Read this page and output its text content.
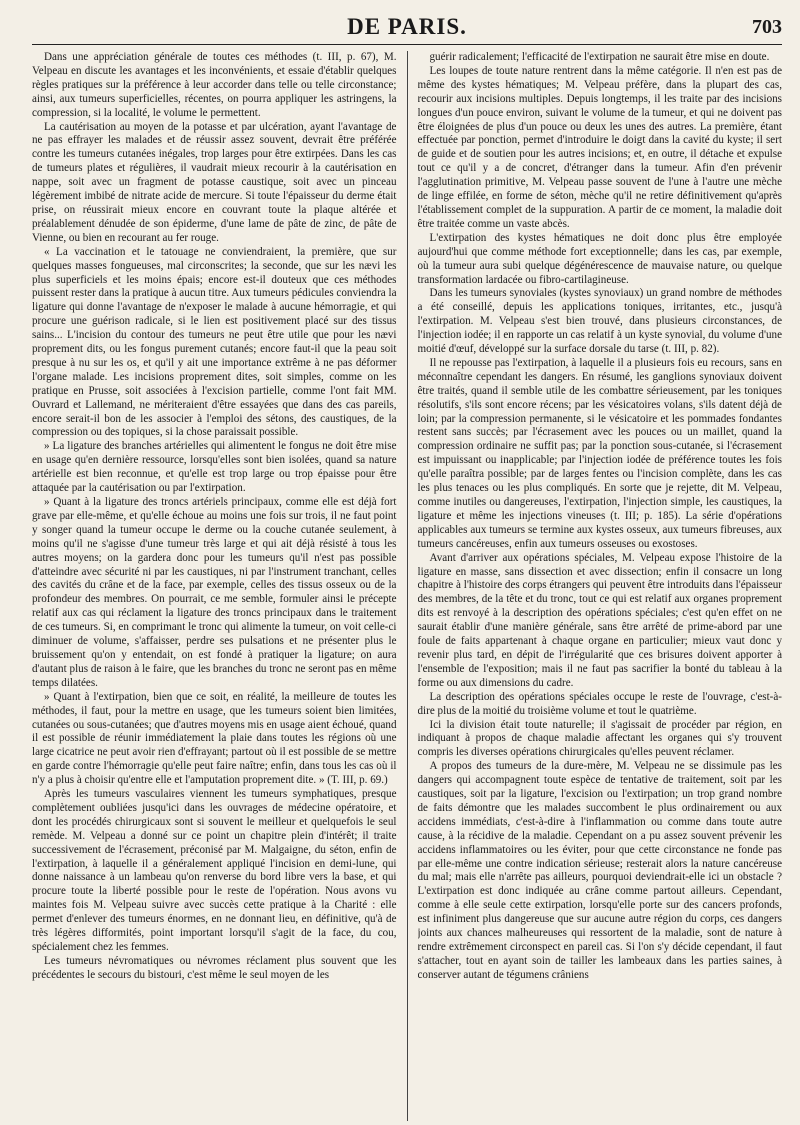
DE PARIS.	703

Dans une appréciation générale de toutes ces méthodes (t. III, p. 67), M. Velpeau en discute les avantages et les inconvénients, et essaie d'établir quelques règles pratiques sur la préférence à leur accorder dans telle ou telle circonstance; ainsi, aux tumeurs superficielles, récentes, on pourra appliquer les astringens, la compression, si la localité, le volume le permettent.

La cautérisation au moyen de la potasse et par ulcération, ayant l'avantage de ne pas effrayer les malades et de réussir assez souvent, devrait être préférée contre les tumeurs cutanées inégales, trop larges pour être extirpées. Dans les cas de tumeurs plates et régulières, il vaudrait mieux recourir à la cautérisation en nappe, soit avec un fragment de potasse caustique, soit avec un pinceau légèrement imbibé de nitrate acide de mercure. Si toute l'épaisseur du derme était prise, on réussirait mieux encore en couvrant toute la plaque altérée et préalablement dénudée de son épiderme, d'une lame de pâte de zinc, de pâte de Vienne, ou bien en recourant au fer rouge.

« La vaccination et le tatouage ne conviendraient, la première, que sur quelques masses fongueuses, mal circonscrites; la seconde, que sur les nævi les plus superficiels et les moins épais; encore est-il douteux que ces méthodes puissent rester dans la pratique à aucun titre. Aux tumeurs pédicules conviendra la ligature qui donne l'avantage de n'exposer le malade à aucune hémorragie, et qui procure une guérison radicale, si le lien est positivement placé sur des tissus sains... L'incision du contour des tumeurs ne peut être utile que pour les nævi proprement dits, ou les fongus purement cutanés; encore faut-il que la peau soit presque à nu sur les os, et qu'il y ait une importance extrême à ne pas déformer l'organe malade. Les incisions proprement dites, soit simples, comme on les pratique en Prusse, soit associées à l'excision partielle, comme l'ont fait MM. Ouvrard et Lallemand, ne mériteraient d'être essayées que dans des cas pareils, encore serait-il bon de les associer à l'emploi des sétons, des caustiques, de la compression ou des topiques, si la chose paraissait possible.

» La ligature des branches artérielles qui alimentent le fongus ne doit être mise en usage qu'en dernière ressource, lorsqu'elles sont bien isolées, quand sa nature artérielle est bien reconnue, et qu'elle est trop large ou trop épaisse pour être attaquée par la cautérisation ou par l'extirpation.

» Quant à la ligature des troncs artériels principaux, comme elle est déjà fort grave par elle-même, et qu'elle échoue au moins une fois sur trois, il ne faut point y songer quand la tumeur occupe le derme ou la couche cutanée seulement, à moins qu'il ne s'agisse d'une tumeur très large et qui ait déjà résisté à tous les autres moyens; on la gardera donc pour les tumeurs qu'il n'est pas possible d'atteindre avec sécurité ni par les caustiques, ni par l'instrument tranchant, celles des cavités du crâne et de la face, par exemple, celles des tissus osseux ou de la profondeur des membres. On pourrait, ce me semble, formuler ainsi le précepte relatif aux cas qui réclament la ligature des troncs principaux dans le traitement de ces tumeurs. Si, en comprimant le tronc qui alimente la tumeur, on voit celle-ci diminuer de volume, s'affaisser, perdre ses pulsations et ne présenter plus le bruissement qu'on y entendait, on est fondé à pratiquer la ligature; on aura d'autant plus de raison à le faire, que les branches du tronc ne seront pas en même temps dilatées.

» Quant à l'extirpation, bien que ce soit, en réalité, la meilleure de toutes les méthodes, il faut, pour la mettre en usage, que les tumeurs soient bien limitées, cutanées ou sous-cutanées; que d'autres moyens mis en usage aient échoué, quand il est possible de réunir immédiatement la plaie dans toutes les régions où une large cicatrice ne peut avoir rien d'effrayant; partout où il est possible de se mettre en garde contre l'hémorragie qu'elle peut faire naître; enfin, dans tous les cas où il n'y a plus à choisir qu'entre elle et l'amputation proprement dite. » (T. III, p. 69.)

Après les tumeurs vasculaires viennent les tumeurs symphatiques, presque complètement oubliées jusqu'ici dans les ouvrages de médecine opératoire, et dont les procédés chirurgicaux sont si souvent le meilleur et quelquefois le seul remède. M. Velpeau a donné sur ce point un chapitre plein d'intérêt; il traite successivement de l'écrasement, préconisé par M. Malgaigne, du séton, enfin de l'extirpation, à laquelle il a généralement appliqué l'incision en demi-lune, qui donne naissance à un lambeau qu'on renverse du bord libre vers la base, et qui procure toute la liberté possible pour le reste de l'opération. Nous avons vu maintes fois M. Velpeau suivre avec succès cette pratique à la Charité : elle permet d'enlever des tumeurs énormes, en ne donnant lieu, en définitive, qu'à de très légères difformités, point important lorsqu'il s'agit de la face, du cou, spécialement chez les femmes.

Les tumeurs névromatiques ou névromes réclament plus souvent que les précédentes le secours du bistouri, c'est même le seul moyen de les

guérir radicalement; l'efficacité de l'extirpation ne saurait être mise en doute.

Les loupes de toute nature rentrent dans la même catégorie. Il n'en est pas de même des kystes hématiques; M. Velpeau préfère, dans la plupart des cas, recourir aux incisions multiples. Depuis longtemps, il les traite par des incisions longues d'un pouce environ, suivant le volume de la tumeur, et qui ne doivent pas être éloignées de plus d'un pouce ou deux les unes des autres. La première, étant effectuée par ponction, permet d'introduire le doigt dans la cavité du kyste; il sert de guide et de soutien pour les autres incisions; et, en outre, il détache et expulse tout ce qu'il y a de concret, d'étranger dans la tumeur. Afin d'en prévenir l'agglutination primitive, M. Velpeau passe souvent de l'une à l'autre une mèche de linge effilée, en forme de séton, mèche qu'il ne retire définitivement qu'après l'établissement complet de la suppuration. A partir de ce moment, la maladie doit être traitée comme un vaste abcès.

L'extirpation des kystes hématiques ne doit donc plus être employée aujourd'hui que comme méthode fort exceptionnelle; dans les cas, par exemple, où la tumeur aura subi quelque dégénérescence de mauvaise nature, ou quelque transformation lardacée ou fibro-cartilagineuse.

Dans les tumeurs synoviales (kystes synoviaux) un grand nombre de méthodes a été conseillé, depuis les applications toniques, irritantes, etc., jusqu'à l'extirpation. M. Velpeau s'est bien trouvé, dans plusieurs circonstances, de l'injection iodée; il en rapporte un cas relatif à un kyste synovial, du volume d'une moitié d'œuf, développé sur la surface dorsale du tarse (t. III, p. 82).

Il ne repousse pas l'extirpation, à laquelle il a plusieurs fois eu recours, sans en méconnaître cependant les dangers. En résumé, les ganglions synoviaux doivent être traités, quand il semble utile de les combattre sérieusement, par les toniques résolutifs, s'ils sont encore récens; par les vésicatoires volans, s'ils datent déjà de loin; par la compression permanente, si le vésicatoire et les pommades fondantes restent sans succès; par l'écrasement avec les pouces ou un maillet, quand la compression ordinaire ne suffit pas; par la ponction sous-cutanée, si l'écrasement est impuissant ou inapplicable; par l'injection iodée de préférence toutes les fois qu'elle paraîtra possible; par de larges fentes ou l'incision complète, dans les cas les plus tenaces ou les plus compliqués. En sorte que je rejette, dit M. Velpeau, comme inutiles ou dangereuses, l'extirpation, l'injection simple, les caustiques, la ligature et même les injections vineuses (t. III; p. 185). La série d'opérations applicables aux tumeurs se termine aux kystes osseux, aux tumeurs fibreuses, aux tumeurs cancéreuses, enfin aux tumeurs osseuses ou exostoses.

Avant d'arriver aux opérations spéciales, M. Velpeau expose l'histoire de la ligature en masse, sans dissection et avec dissection; enfin il consacre un long chapitre à l'histoire des corps étrangers qui peuvent être introduits dans l'épaisseur des membres, de la tête et du tronc, tout ce qui est relatif aux organes proprement dits est renvoyé à la description des opérations spéciales; c'est qu'en effet on ne saurait établir d'une manière générale, sans être arrêté de prime-abord par une foule de faits appartenant à chaque organe en particulier; mieux vaut donc y revenir plus tard, en dépit de l'irrégularité que ces brisures doivent apporter à l'ensemble de l'exposition; mais il ne faut pas sacrifier la bonté du tableau à la forme ou aux dimensions du cadre.

La description des opérations spéciales occupe le reste de l'ouvrage, c'est-à-dire plus de la moitié du troisième volume et tout le quatrième.

Ici la division était toute naturelle; il s'agissait de procéder par région, en indiquant à propos de chaque maladie affectant les organes qui s'y trouvent compris les diverses opérations chirurgicales qu'elles peuvent réclamer.

A propos des tumeurs de la dure-mère, M. Velpeau ne se dissimule pas les dangers qui accompagnent toute espèce de tentative de traitement, soit par les caustiques, soit par la ligature, l'excision ou l'extirpation; un trop grand nombre de faits démontre que les malades succombent le plus ordinairement ou aux accidens immédiats, c'est-à-dire à l'inflammation ou comme dans toute autre cause, à la récidive de la maladie. Cependant on a pu assez souvent prévenir les accidens inflammatoires ou les éviter, pour que cette circonstance ne fonde pas par elle-même une contre indication sérieuse; resterait alors la nature cancéreuse du mal; mais elle n'arrête pas ailleurs, pourquoi deviendrait-elle ici un obstacle ? L'extirpation est donc indiquée au crâne comme partout ailleurs. Cependant, comme à elle seule cette extirpation, lorsqu'elle porte sur des cancers profonds, est infiniment plus dangereuse que sur aucune autre région du corps, ces dangers joints aux chances malheureuses qui ressortent de la maladie, sont de nature à rendre extrêmement circonspect en pareil cas. Si l'on s'y décide cependant, il faut s'attacher, tout en ayant soin de tailler les lambeaux dans les parties saines, à conserver autant de tégumens crâniens
